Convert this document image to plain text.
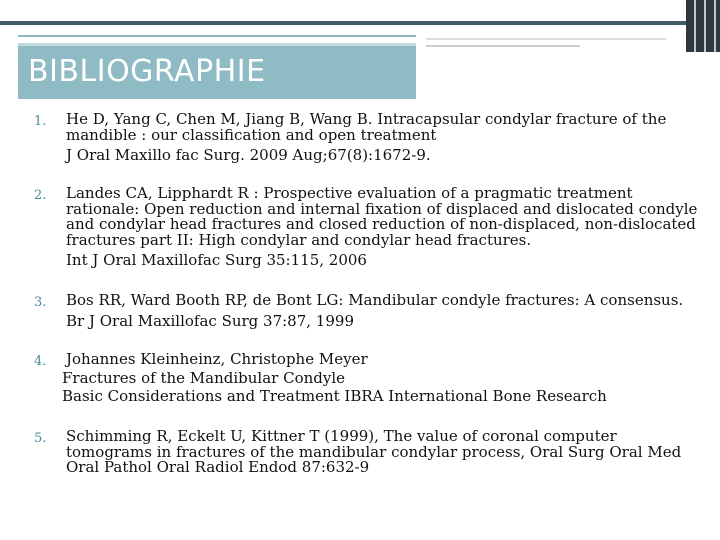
BIBLIOGRAPHIE
1. He D, Yang C, Chen M, Jiang B, Wang B. Intracapsular condylar fracture of the
mandible : our classification and open treatment
J Oral Maxillo fac Surg. 2009 Aug;67(8):1672-9.
2. Landes CA, Lipphardt R : Prospective evaluation of a pragmatic treatment
rationale: Open reduction and internal fixation of displaced and dislocated condyle
and condylar head fractures and closed reduction of non-displaced, non-dislocated
fractures part II: High condylar and condylar head fractures.
Int J Oral Maxillofac Surg 35:115, 2006
3. Bos RR, Ward Booth RP, de Bont LG: Mandibular condyle fractures: A consensus.
Br J Oral Maxillofac Surg 37:87, 1999
4. Johannes Kleinheinz, Christophe Meyer
Fractures of the Mandibular Condyle
Basic Considerations and Treatment IBRA International Bone Research
5. Schimming R, Eckelt U, Kittner T (1999), The value of coronal computer
tomograms in fractures of the mandibular condylar process, Oral Surg Oral Med
Oral Pathol Oral Radiol Endod 87:632-9
